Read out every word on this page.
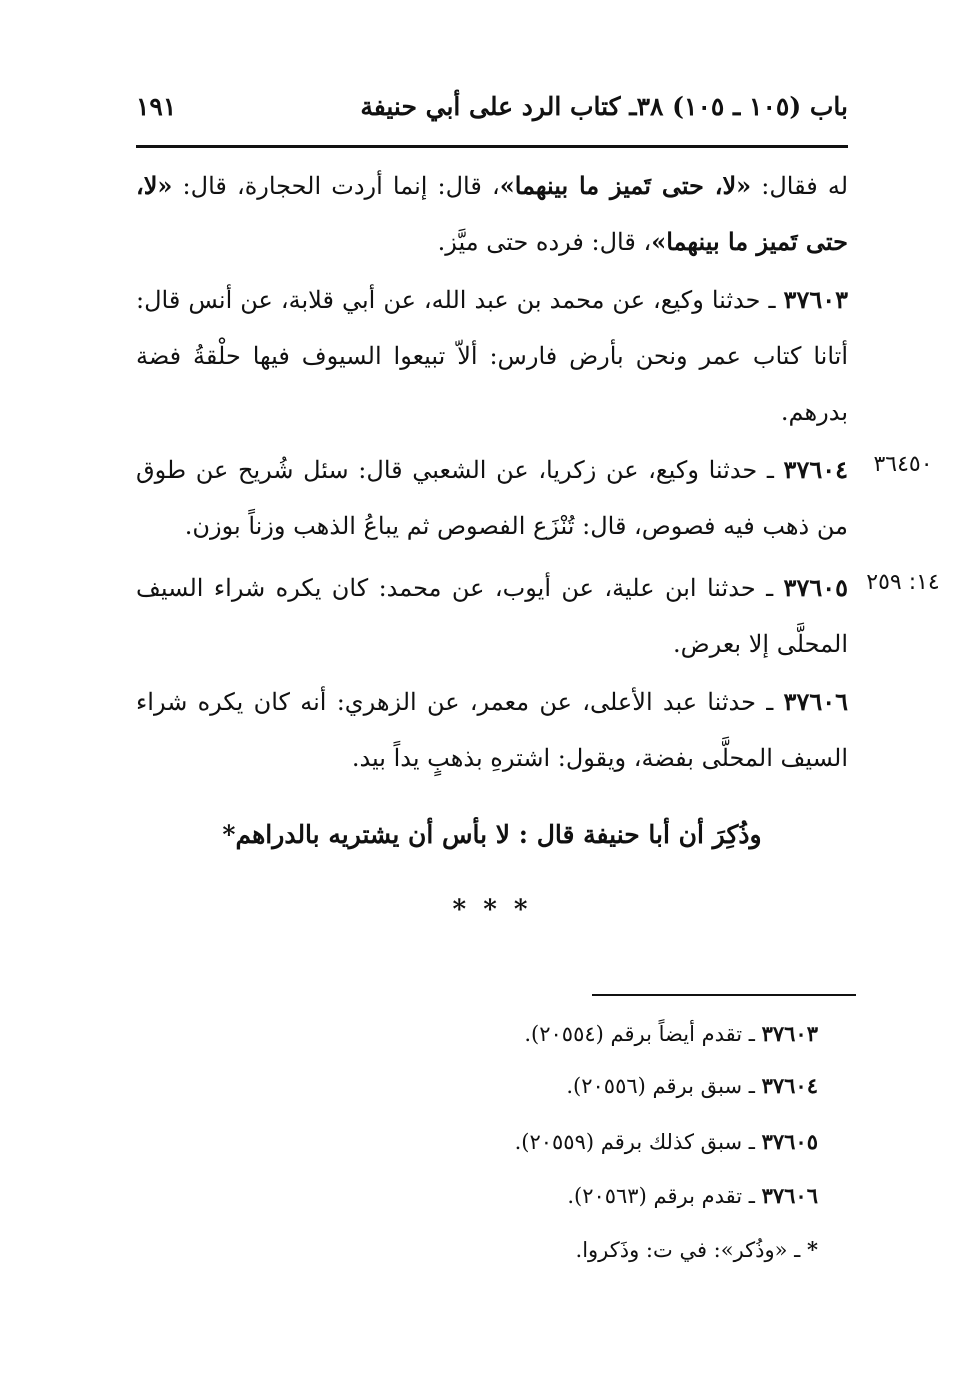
باب (١٠٥ ـ ١٠٥) ٣٨ـ كتاب الرد على أبي حنيفة
١٩١
له فقال: «لا، حتى تَميز ما بينهما»، قال: إنما أردت الحجارة، قال: «لا، حتى تَميز ما بينهما»، قال: فرده حتى ميَّز.
٣٧٦٠٣ ـ حدثنا وكيع، عن محمد بن عبد الله، عن أبي قلابة، عن أنس قال: أتانا كتاب عمر ونحن بأرض فارس: ألاّ تبيعوا السيوف فيها حلْقةُ فضة بدرهم.
٣٦٤٥٠
٣٧٦٠٤ ـ حدثنا وكيع، عن زكريا، عن الشعبي قال: سئل شُريح عن طوق من ذهب فيه فصوص، قال: تُنْزَع الفصوص ثم يباعُ الذهب وزناً بوزن.
١٤: ٢٥٩
٣٧٦٠٥ ـ حدثنا ابن علية، عن أيوب، عن محمد: كان يكره شراء السيف المحلَّى إلا بعرض.
٣٧٦٠٦ ـ حدثنا عبد الأعلى، عن معمر، عن الزهري: أنه كان يكره شراء السيف المحلَّى بفضة، ويقول: اشترهِ بذهبٍ يداً بيد.
وذُكِرَ أن أبا حنيفة قال : لا بأس أن يشتريه بالدراهم*
* * *
٣٧٦٠٣ ـ تقدم أيضاً برقم (٢٠٥٥٤).
٣٧٦٠٤ ـ سبق برقم (٢٠٥٥٦).
٣٧٦٠٥ ـ سبق كذلك برقم (٢٠٥٥٩).
٣٧٦٠٦ ـ تقدم برقم (٢٠٥٦٣).
* ـ «وذُكر»: في ت: وذَكروا.
